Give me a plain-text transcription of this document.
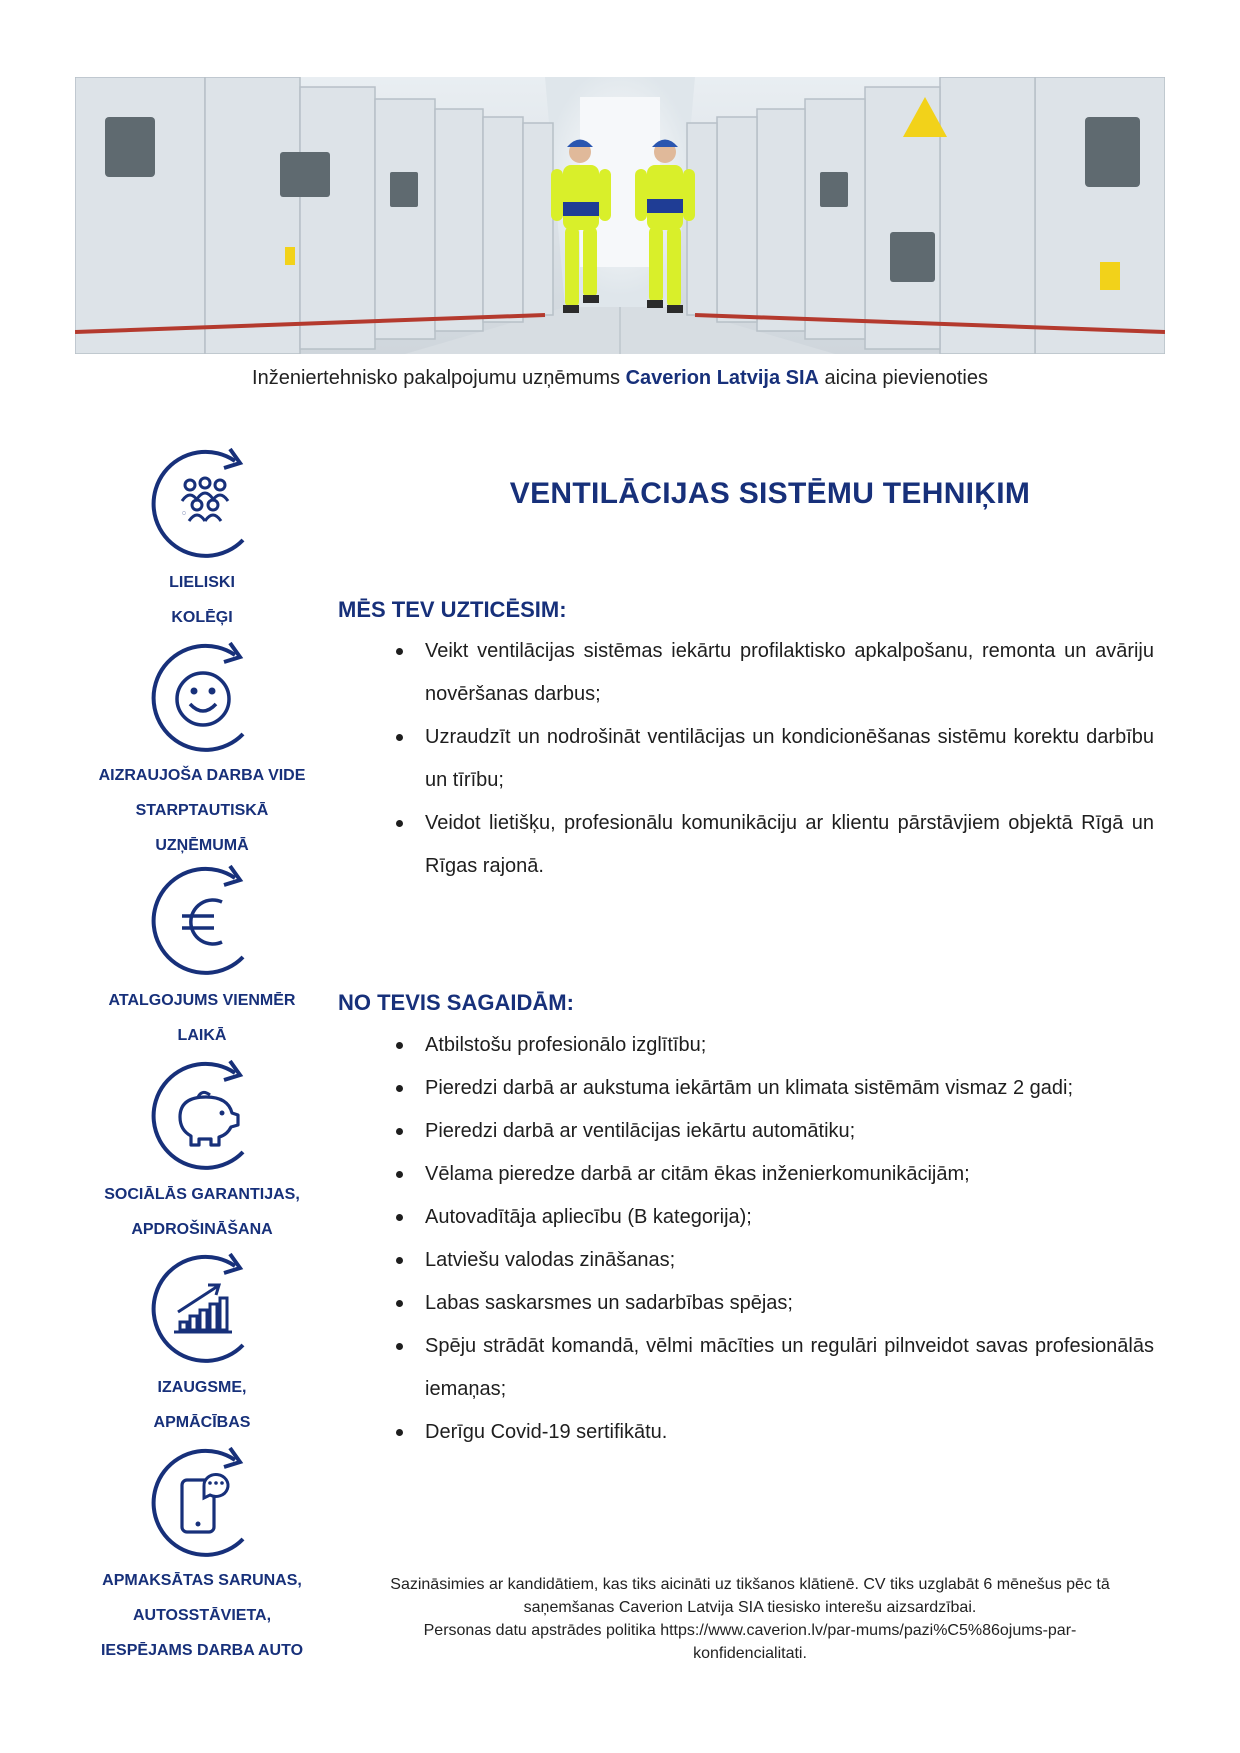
Inženiertehnisko pakalpojumu uzņēmums Caverion Latvija SIA aicina pievienoties
LIELISKI
KOLĒĢI
AIZRAUJOŠA DARBA VIDE
STARPTAUTISKĀ
UZŅĒMUMĀ
ATALGOJUMS VIENMĒR
LAIKĀ
SOCIĀLĀS GARANTIJAS,
APDROŠINĀŠANA
IZAUGSME,
APMĀCĪBAS
APMAKSĀTAS SARUNAS,
AUTOSSTĀVIETA,
IESPĒJAMS DARBA AUTO
VENTILĀCIJAS SISTĒMU TEHNIĶIM
MĒS TEV UZTICĒSIM:
Veikt ventilācijas sistēmas iekārtu profilaktisko apkalpošanu, remonta un avāriju novēršanas darbus;
Uzraudzīt un nodrošināt ventilācijas un kondicionēšanas sistēmu korektu darbību un tīrību;
Veidot lietišķu, profesionālu komunikāciju ar klientu pārstāvjiem objektā Rīgā un Rīgas rajonā.
NO TEVIS SAGAIDĀM:
Atbilstošu profesionālo izglītību;
Pieredzi darbā ar aukstuma iekārtām un klimata sistēmām vismaz 2 gadi;
Pieredzi darbā ar ventilācijas iekārtu automātiku;
Vēlama pieredze darbā ar citām ēkas inženierkomunikācijām;
Autovadītāja apliecību (B kategorija);
Latviešu valodas zināšanas;
Labas saskarsmes un sadarbības spējas;
Spēju strādāt komandā, vēlmi mācīties un regulāri pilnveidot savas profesionālās iemaņas;
Derīgu Covid-19 sertifikātu.
Sazināsimies ar kandidātiem, kas tiks aicināti uz tikšanos klātienē. CV tiks uzglabāt 6 mēnešus pēc tā
saņemšanas Caverion Latvija SIA tiesisko interešu aizsardzībai.
Personas datu apstrādes politika https://www.caverion.lv/par-mums/pazi%C5%86ojums-par-
konfidencialitati.
